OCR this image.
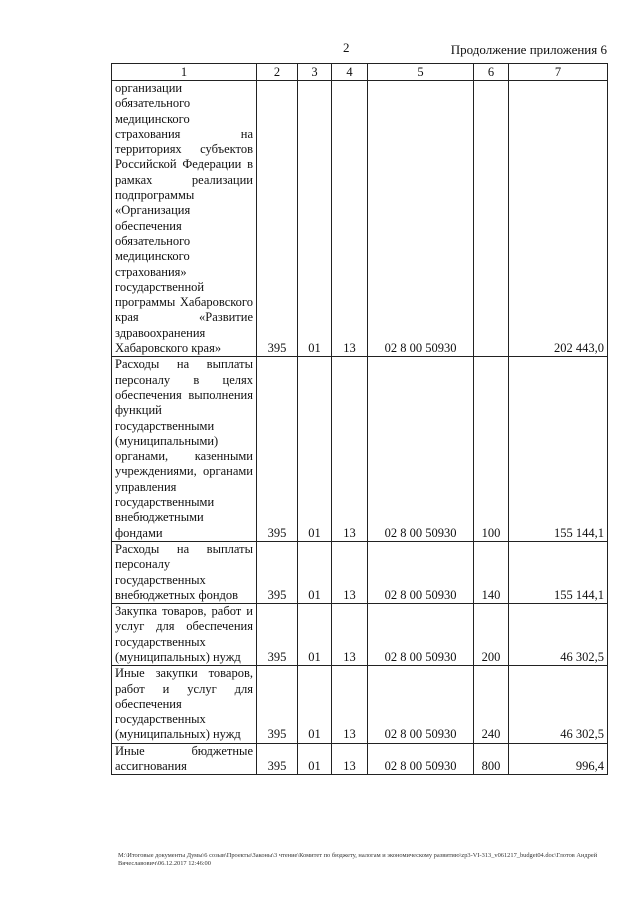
2	Продолжение приложения 6
1	2	3	4	5	6	7
организации обязательного медицинского страхования на территориях субъектов Российской Федерации в рамках реализации подпрограммы «Организация обеспечения обязательного медицинского страхования» государственной программы Хабаровского края «Развитие здравоохранения Хабаровского края»	395	01	13	02 8 00 50930		202 443,0
Расходы на выплаты персоналу в целях обеспечения выполнения функций государственными (муниципальными) органами, казенными учреждениями, органами управления государственными внебюджетными фондами	395	01	13	02 8 00 50930	100	155 144,1
Расходы на выплаты персоналу государственных внебюджетных фондов	395	01	13	02 8 00 50930	140	155 144,1
Закупка товаров, работ и услуг для обеспечения государственных (муниципальных) нужд	395	01	13	02 8 00 50930	200	46 302,5
Иные закупки товаров, работ и услуг для обеспечения государственных (муниципальных) нужд	395	01	13	02 8 00 50930	240	46 302,5
Иные бюджетные ассигнования	395	01	13	02 8 00 50930	800	996,4
M:\Итоговые документы Думы\6 созыв\Проекты\Законы\3 чтение\Комитет по бюджету, налогам и экономическому развитию\zp3-VI-313_v061217_budget04.doc\Глотов Андрей Вячеславович\06.12.2017 12:46:00
